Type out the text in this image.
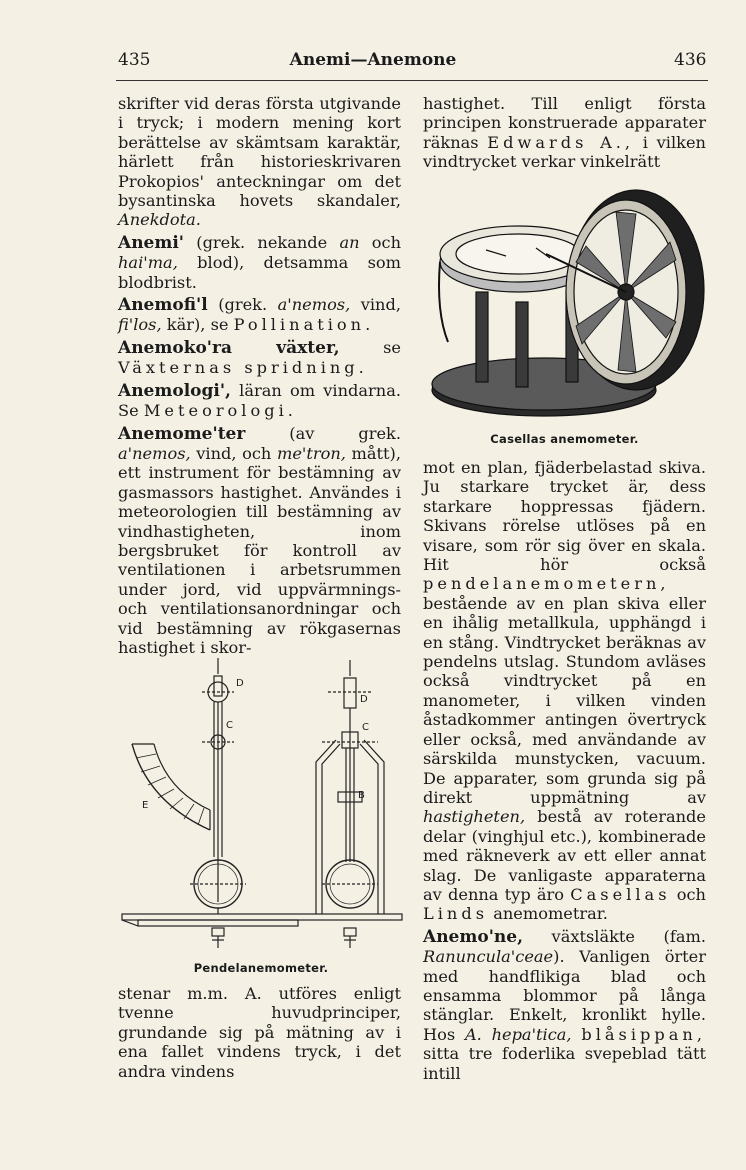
435	Anemi—Anemone	436

skrifter vid deras första utgivande i tryck; i modern mening kort berättelse av skämtsam karaktär, härlett från historieskrivaren Prokopios' anteckningar om det bysantinska hovets skandaler, Anekdota.

Anemi' (grek. nekande an och hai'ma, blod), detsamma som blodbrist.

Anemofi'l (grek. a'nemos, vind, fi'los, kär), se Pollination.

Anemoko'ra växter,	se Växternas spridning.

Anemologi', läran om vindarna. Se Meteorologi.

Anemome'ter	(av grek. a'nemos, vind, och me'tron, mått), ett instrument för bestämning av gasmassors hastighet. Användes i meteorologien till bestämning av vindhastigheten, inom bergsbruket för kontroll av ventilationen i arbetsrummen under jord, vid uppvärmnings- och ventilationsanordningar och vid bestämning av rökgasernas hastighet i skor-

D
C
E
D
C
B
Pendelanemometer.

stenar m.m. A. utföres enligt tvenne huvudprinciper, grundande sig på mätning av i ena fallet vindens tryck, i det andra vindens

hastighet. Till enligt första principen konstruerade apparater räknas Edwards A., i vilken vindtrycket verkar vinkelrätt

Casellas anemometer.

mot en plan, fjäderbelastad skiva. Ju starkare trycket är, dess starkare hoppressas fjädern. Skivans rörelse utlöses på en visare, som rör sig över en skala. Hit hör också pendelanemometern, bestående av en plan skiva eller en ihålig metallkula, upphängd i en stång. Vindtrycket beräknas av pendelns utslag. Stundom avläses också vindtrycket på en manometer, i vilken vinden åstadkommer antingen övertryck eller också, med användande av särskilda munstycken, vacuum. De apparater, som grunda sig på direkt uppmätning av hastigheten, bestå av roterande delar (vinghjul etc.), kombinerade med räkneverk av ett eller annat slag. De vanligaste apparaterna av denna typ äro Casellas och Linds anemometrar.

Anemo'ne, växtsläkte (fam. Ranuncula'ceae). Vanligen örter med handflikiga blad och ensamma blommor på långa stänglar. Enkelt, kronlikt hylle. Hos A. hepa'tica, blåsippan, sitta tre foderlika svepeblad tätt intill
